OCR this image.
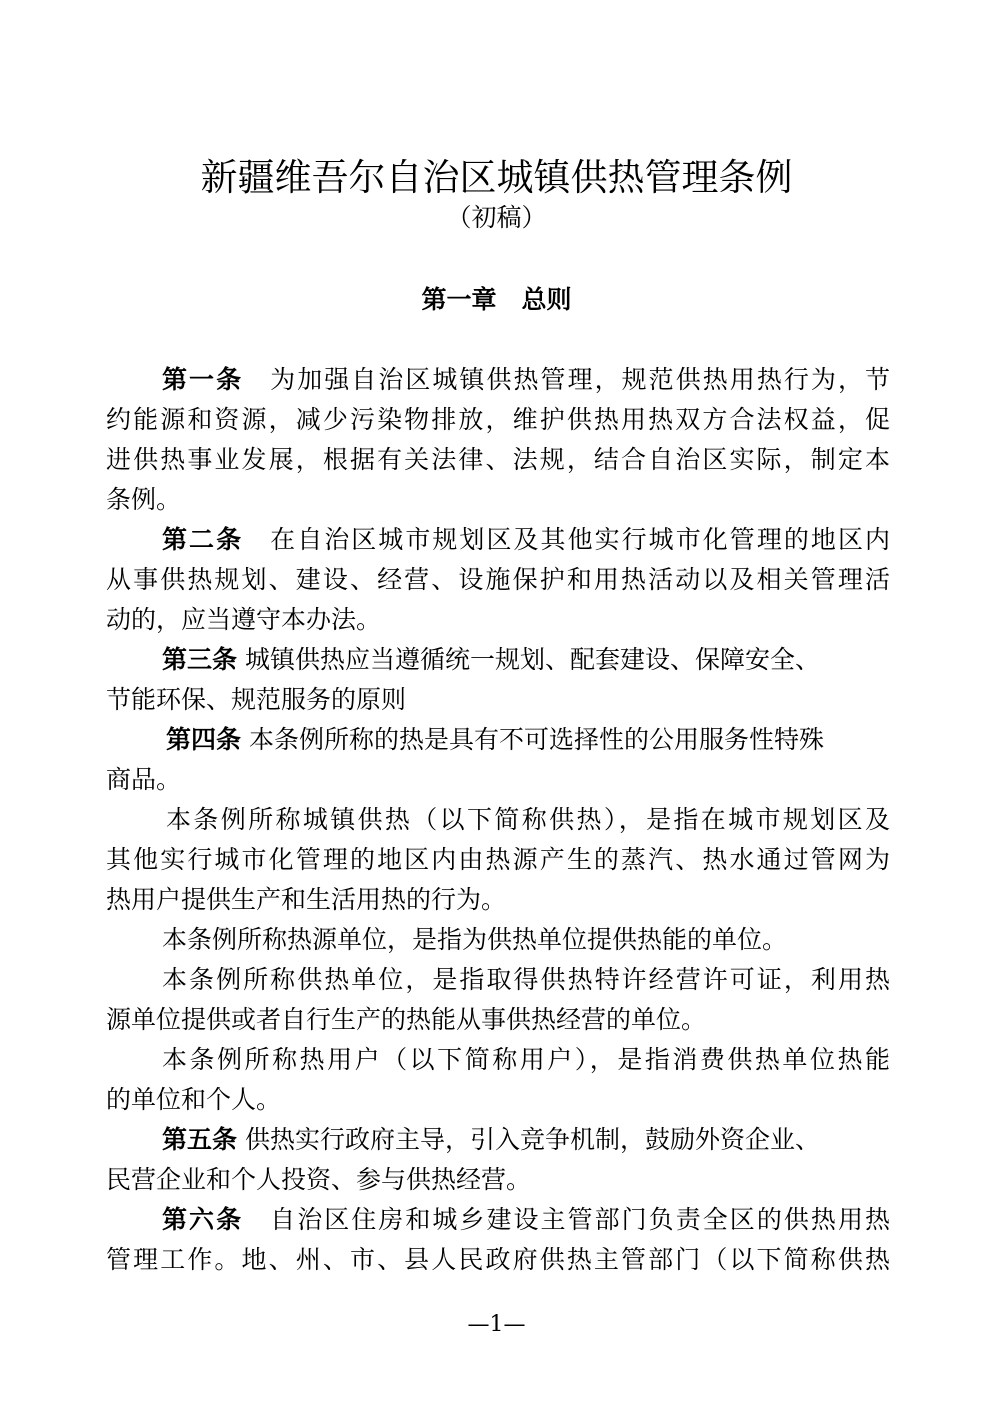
新疆维吾尔自治区城镇供热管理条例
（初稿）
第一章　总则
第一条　为加强自治区城镇供热管理，规范供热用热行为，节
约能源和资源，减少污染物排放，维护供热用热双方合法权益，促
进供热事业发展，根据有关法律、法规，结合自治区实际，制定本
条例。
第二条　在自治区城市规划区及其他实行城市化管理的地区内
从事供热规划、建设、经营、设施保护和用热活动以及相关管理活
动的，应当遵守本办法。
第三条 城镇供热应当遵循统一规划、配套建设、保障安全、
节能环保、规范服务的原则
第四条 本条例所称的热是具有不可选择性的公用服务性特殊
商品。
本条例所称城镇供热（以下简称供热），是指在城市规划区及
其他实行城市化管理的地区内由热源产生的蒸汽、热水通过管网为
热用户提供生产和生活用热的行为。
本条例所称热源单位，是指为供热单位提供热能的单位。
本条例所称供热单位，是指取得供热特许经营许可证，利用热
源单位提供或者自行生产的热能从事供热经营的单位。
本条例所称热用户（以下简称用户），是指消费供热单位热能
的单位和个人。
第五条 供热实行政府主导，引入竞争机制，鼓励外资企业、
民营企业和个人投资、参与供热经营。
第六条　自治区住房和城乡建设主管部门负责全区的供热用热
管理工作。地、州、市、县人民政府供热主管部门（以下简称供热
—1—
